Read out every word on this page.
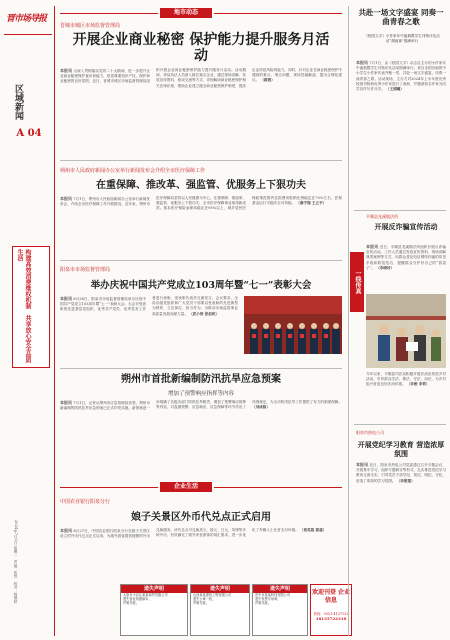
晋市场导报
区域新闻
A 04
构建高效消费维权机制　共享放心安全品质生活
2024年7月2日 星期二　责编：张然　校对：杨继婷
地市动态
晋城市城区市场监督管理局
开展企业商业秘密 保护能力提升服务月活动
本报讯 为深入贯彻落实党的二十大精神，进一步提升企业商业秘密保护意识和能力，营造尊重知识产权、保护商业秘密的良好氛围，近日，晋城市城区市场监督管理局组织开展企业商业秘密保护能力提升服务月活动。活动期间，该局执法人员深入辖区重点企业，通过现场讲解、发放宣传资料、座谈交流等方式，详细解读商业秘密保护相关法律法规，帮助企业建立健全商业秘密保护制度，提高企业防范风险的能力。同时，针对企业在商业秘密保护中遇到的难点、堵点问题，现场答疑解惑，提出合理化建议。 （薛燕）
朔州市人民政府新闻办公室举行新闻发布会介绍全市医疗保障工作
在重保障、推改革、强监管、优服务上下狠功夫
本报讯 7月1日，朔州市人民政府新闻办公室举行新闻发布会，介绍全市医疗保障工作开展情况。近年来，朔州市医疗保障局坚持以人民健康为中心，在重保障、推改革、强监管、优服务上下狠功夫，全市医疗保障事业取得新成效。基本医疗保险参保率稳定在95%以上，城乡居民医保政策范围内住院费用报销比例稳定在70%左右，医保基金运行平稳安全可持续。 （秦宇翔 王立平）
阳泉市市场监督管理局
举办庆祝中国共产党成立103周年暨“七一”表彰大会
本报讯 6月28日，阳泉市市场监督管理局举办庆祝中国共产党成立103周年暨“七一”表彰大会。大会对受表彰的先进基层党组织、优秀共产党员、优秀党务工作者进行表彰，受表彰代表作交流发言。会议要求，全局各级党组织和广大党员干部要以受表彰的先进典型为榜样，立足岗位、担当作为，为推动市场监管事业高质量发展贡献力量。 （武小涛 张如钦）
朔州市首批新编制防汛抗旱应急预案
增加了预警响应指挥等内容
本报讯 7月1日，记者从朔州市应急管理局获悉，朔州市新编制的防汛抗旱应急预案已正式印发实施。新预案进一步明确了各级各部门防汛抗旱职责，增加了预警响应指挥等内容，对监测预警、应急响应、应急保障等环节作出了详细规定，为全市防汛抗旱工作提供了有力的制度保障。 （刘成栋）
企业生活
中国农业银行阳泉分行
娘子关景区外币代兑点正式启用
本报讯 6月27日，中国农业银行阳泉分行在娘子关景区设立的外币代兑点正式启用，为境外游客提供便捷的外币兑换服务。该代兑点可兑换美元、欧元、日元、英镑等多种外币，有效满足了境外来晋游客的用汇需求，进一步优化了外籍人士在晋支付环境。 （贾英超 郭蕊）
遗失声明
太原市小店区某某商贸有限公司
遗失营业执照副本，
声明作废。
遗失声明
山西某某建筑工程有限公司
遗失公章一枚，
声明作废。
遗失声明
晋中市某某科技有限公司
遗失发票专用章，
声明作废。
欢迎刊登 企业信息
热线：0351-4137132
18135722318
一线传真
共赴一场文字盛宴 同奏一曲青春之歌
《校园文字》小作家年中盛典暨学生刊物评比活动“湖南赛”圆满举行
本报讯 7月1日，由《校园文字》杂志社主办的小作家年中盛典暨学生刊物评比活动圆满举行。来自全国各地的中小学生小作家代表齐聚一堂，共赴一场文字盛宴，同奏一曲青春之歌。活动现场，主办方对2024年上半年度优秀校园刊物和优秀小作家进行了表彰，并邀请知名作家为同学们作写作分享。 （王照曦）
平顺县龙溪镇法所
开展反诈骗宣传活动
本报讯 近日，平顺县龙溪镇法所组织开展反诈骗宣传活动。工作人员通过发放宣传资料、现场讲解典型案例等方式，向群众普及电信网络诈骗的常见手段和防范技巧，提醒群众守护好自己的“钱袋子”。 （李晓玲）
今年以来，平顺县司法局积极开展法治宣传进乡村活动，引导群众学法、尊法、守法、用法，为乡村振兴营造良好法治环境。 （李俊 李哲）
阳泉市热电公司
开展党纪学习教育 营造浓厚氛围
本报讯 近日，阳泉市热电公司党委通过召开专题会议、开展集中学习、组织专题研讨等形式，扎实推进党纪学习教育走深走实，引导党员干部学纪、知纪、明纪、守纪，营造了浓厚的学习氛围。 （李银莲）
